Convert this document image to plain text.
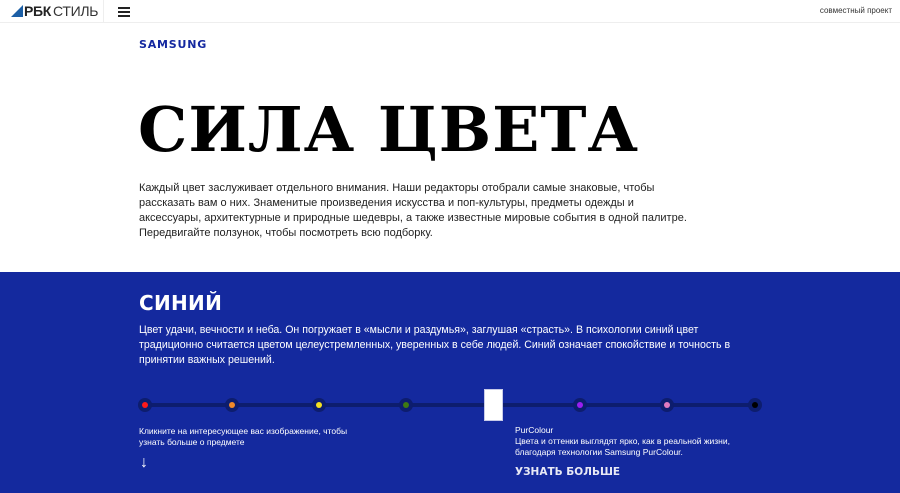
РБК СТИЛЬ	совместный проект
SAMSUNG
СИЛА ЦВЕТА

Каждый цвет заслуживает отдельного внимания. Наши редакторы отобрали самые знаковые, чтобы рассказать вам о них. Знаменитые произведения искусства и поп-культуры, предметы одежды и аксессуары, архитектурные и природные шедевры, а также известные мировые события в одной палитре. Передвигайте ползунок, чтобы посмотреть всю подборку.

СИНИЙ

Цвет удачи, вечности и неба. Он погружает в «мысли и раздумья», заглушая «страсть». В психологии синий цвет традиционно считается цветом целеустремленных, уверенных в себе людей. Синий означает спокойствие и точность в принятии важных решений.

Кликните на интересующее вас изображение, чтобы узнать больше о предмете

↓
PurColour
Цвета и оттенки выглядят ярко, как в реальной жизни, благодаря технологии Samsung PurColour.
УЗНАТЬ БОЛЬШЕ
